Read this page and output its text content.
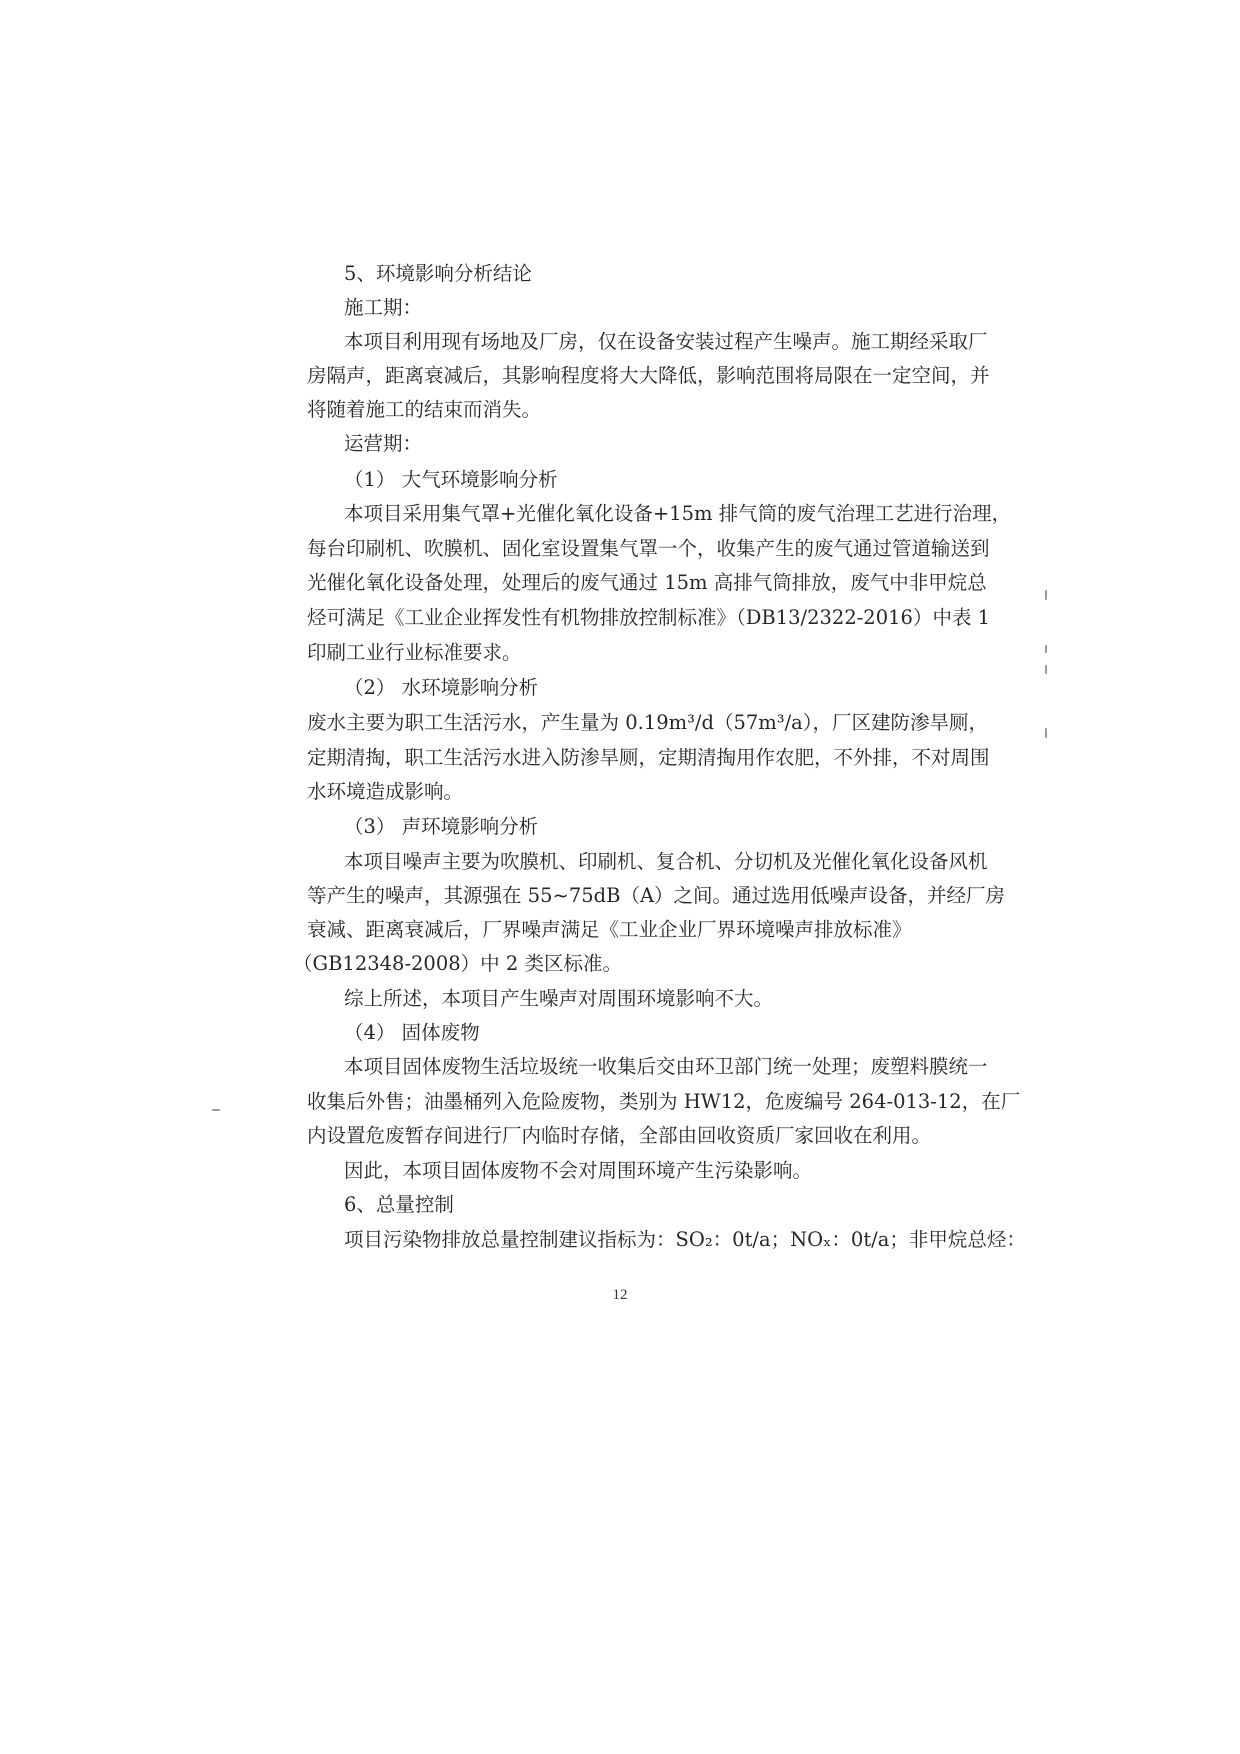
5、环境影响分析结论
施工期：
本项目利用现有场地及厂房，仅在设备安装过程产生噪声。施工期经采取厂
房隔声，距离衰减后，其影响程度将大大降低，影响范围将局限在一定空间，并
将随着施工的结束而消失。
运营期：
（1） 大气环境影响分析
本项目采用集气罩+光催化氧化设备+15m 排气筒的废气治理工艺进行治理，
每台印刷机、吹膜机、固化室设置集气罩一个，收集产生的废气通过管道输送到
光催化氧化设备处理，处理后的废气通过 15m 高排气筒排放，废气中非甲烷总
烃可满足《工业企业挥发性有机物排放控制标准》（DB13/2322-2016）中表 1
印刷工业行业标准要求。
（2） 水环境影响分析
废水主要为职工生活污水，产生量为 0.19m³/d（57m³/a），厂区建防渗旱厕，
定期清掏，职工生活污水进入防渗旱厕，定期清掏用作农肥，不外排，不对周围
水环境造成影响。
（3） 声环境影响分析
本项目噪声主要为吹膜机、印刷机、复合机、分切机及光催化氧化设备风机
等产生的噪声，其源强在 55~75dB（A）之间。通过选用低噪声设备，并经厂房
衰减、距离衰减后，厂界噪声满足《工业企业厂界环境噪声排放标准》
（GB12348-2008）中 2 类区标准。
综上所述，本项目产生噪声对周围环境影响不大。
（4） 固体废物
本项目固体废物生活垃圾统一收集后交由环卫部门统一处理；废塑料膜统一
收集后外售；油墨桶列入危险废物，类别为 HW12，危废编号 264-013-12，在厂
内设置危废暂存间进行厂内临时存储，全部由回收资质厂家回收在利用。
因此，本项目固体废物不会对周围环境产生污染影响。
6、总量控制
项目污染物排放总量控制建议指标为：SO₂：0t/a；NOₓ：0t/a；非甲烷总烃：
12
